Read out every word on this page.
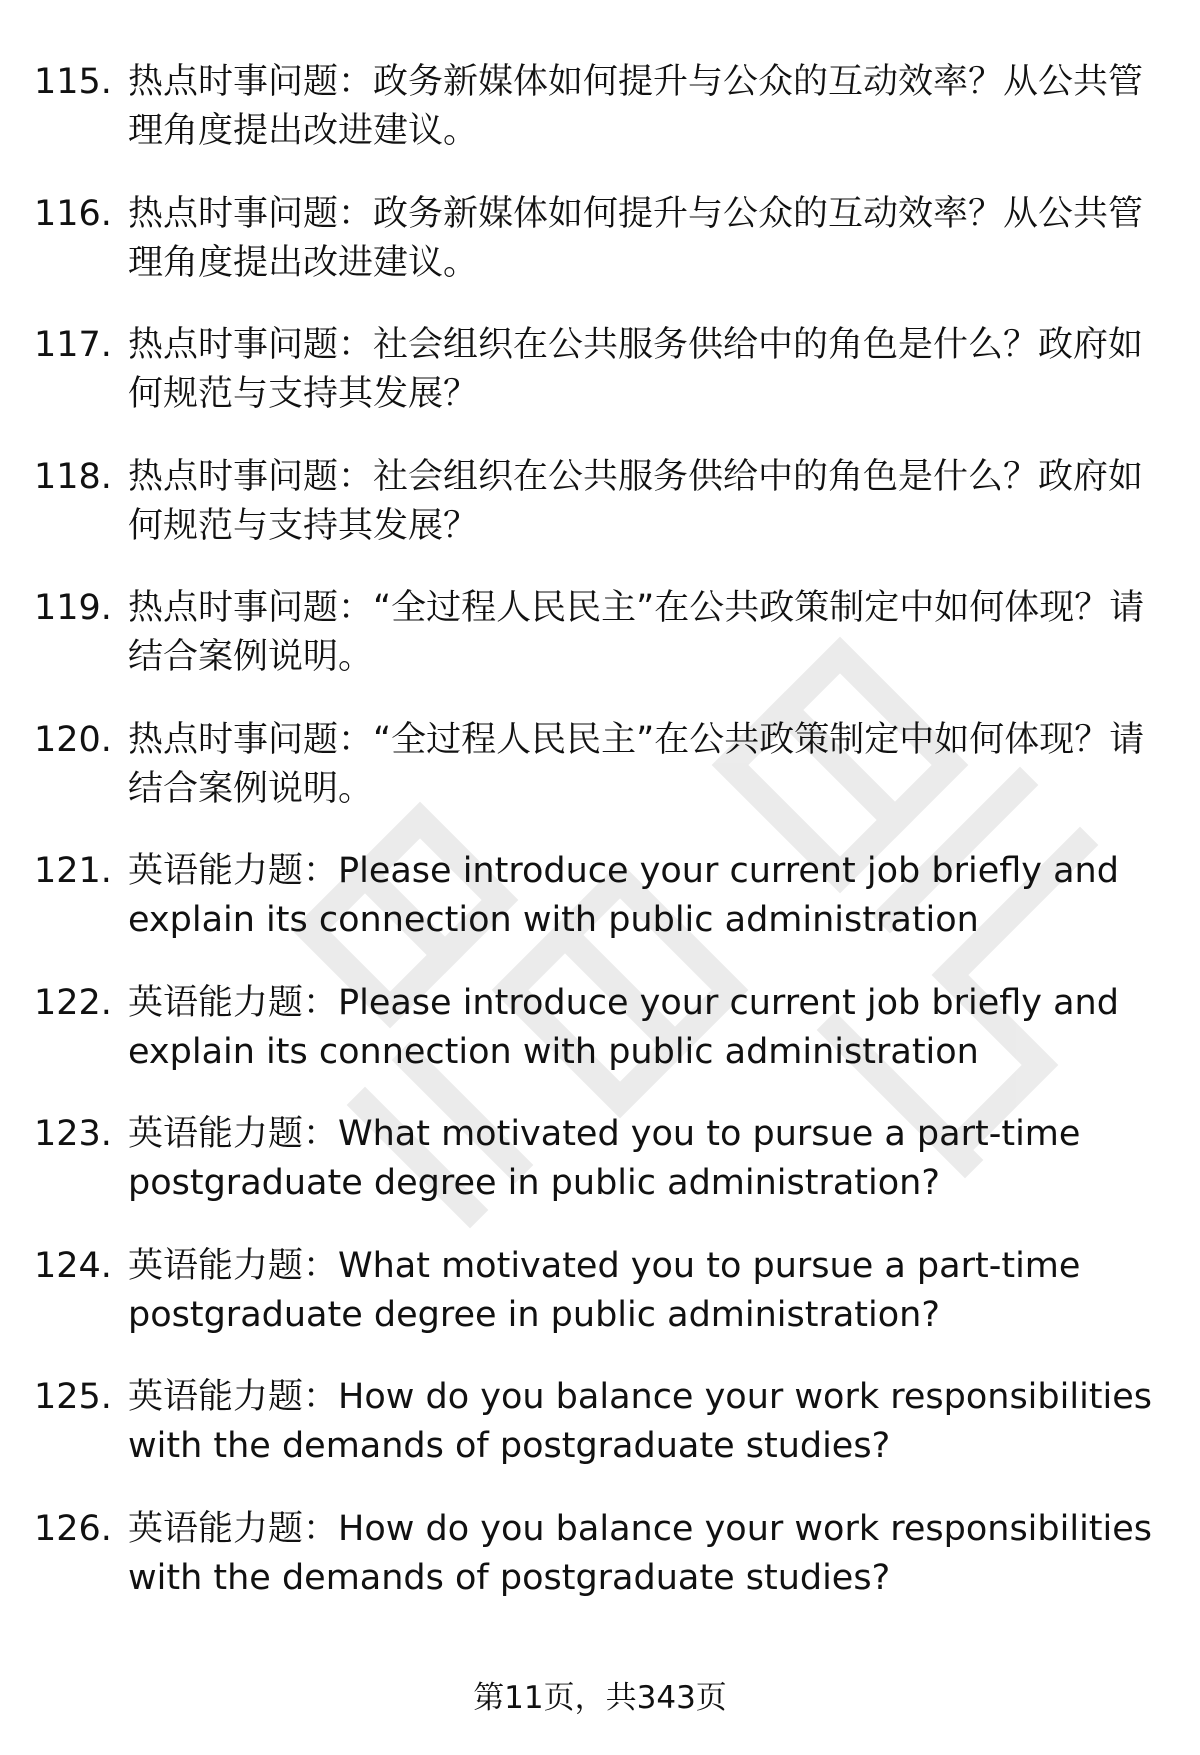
115. 热点时事问题：政务新媒体如何提升与公众的互动效率？从公共管理角度提出改进建议。
116. 热点时事问题：政务新媒体如何提升与公众的互动效率？从公共管理角度提出改进建议。
117. 热点时事问题：社会组织在公共服务供给中的角色是什么？政府如何规范与支持其发展？
118. 热点时事问题：社会组织在公共服务供给中的角色是什么？政府如何规范与支持其发展？
119. 热点时事问题：“全过程人民民主”在公共政策制定中如何体现？请结合案例说明。
120. 热点时事问题：“全过程人民民主”在公共政策制定中如何体现？请结合案例说明。
121. 英语能力题：Please introduce your current job briefly and explain its connection with public administration
122. 英语能力题：Please introduce your current job briefly and explain its connection with public administration
123. 英语能力题：What motivated you to pursue a part-time postgraduate degree in public administration?
124. 英语能力题：What motivated you to pursue a part-time postgraduate degree in public administration?
125. 英语能力题：How do you balance your work responsibilities with the demands of postgraduate studies?
126. 英语能力题：How do you balance your work responsibilities with the demands of postgraduate studies?
第11页，共343页
